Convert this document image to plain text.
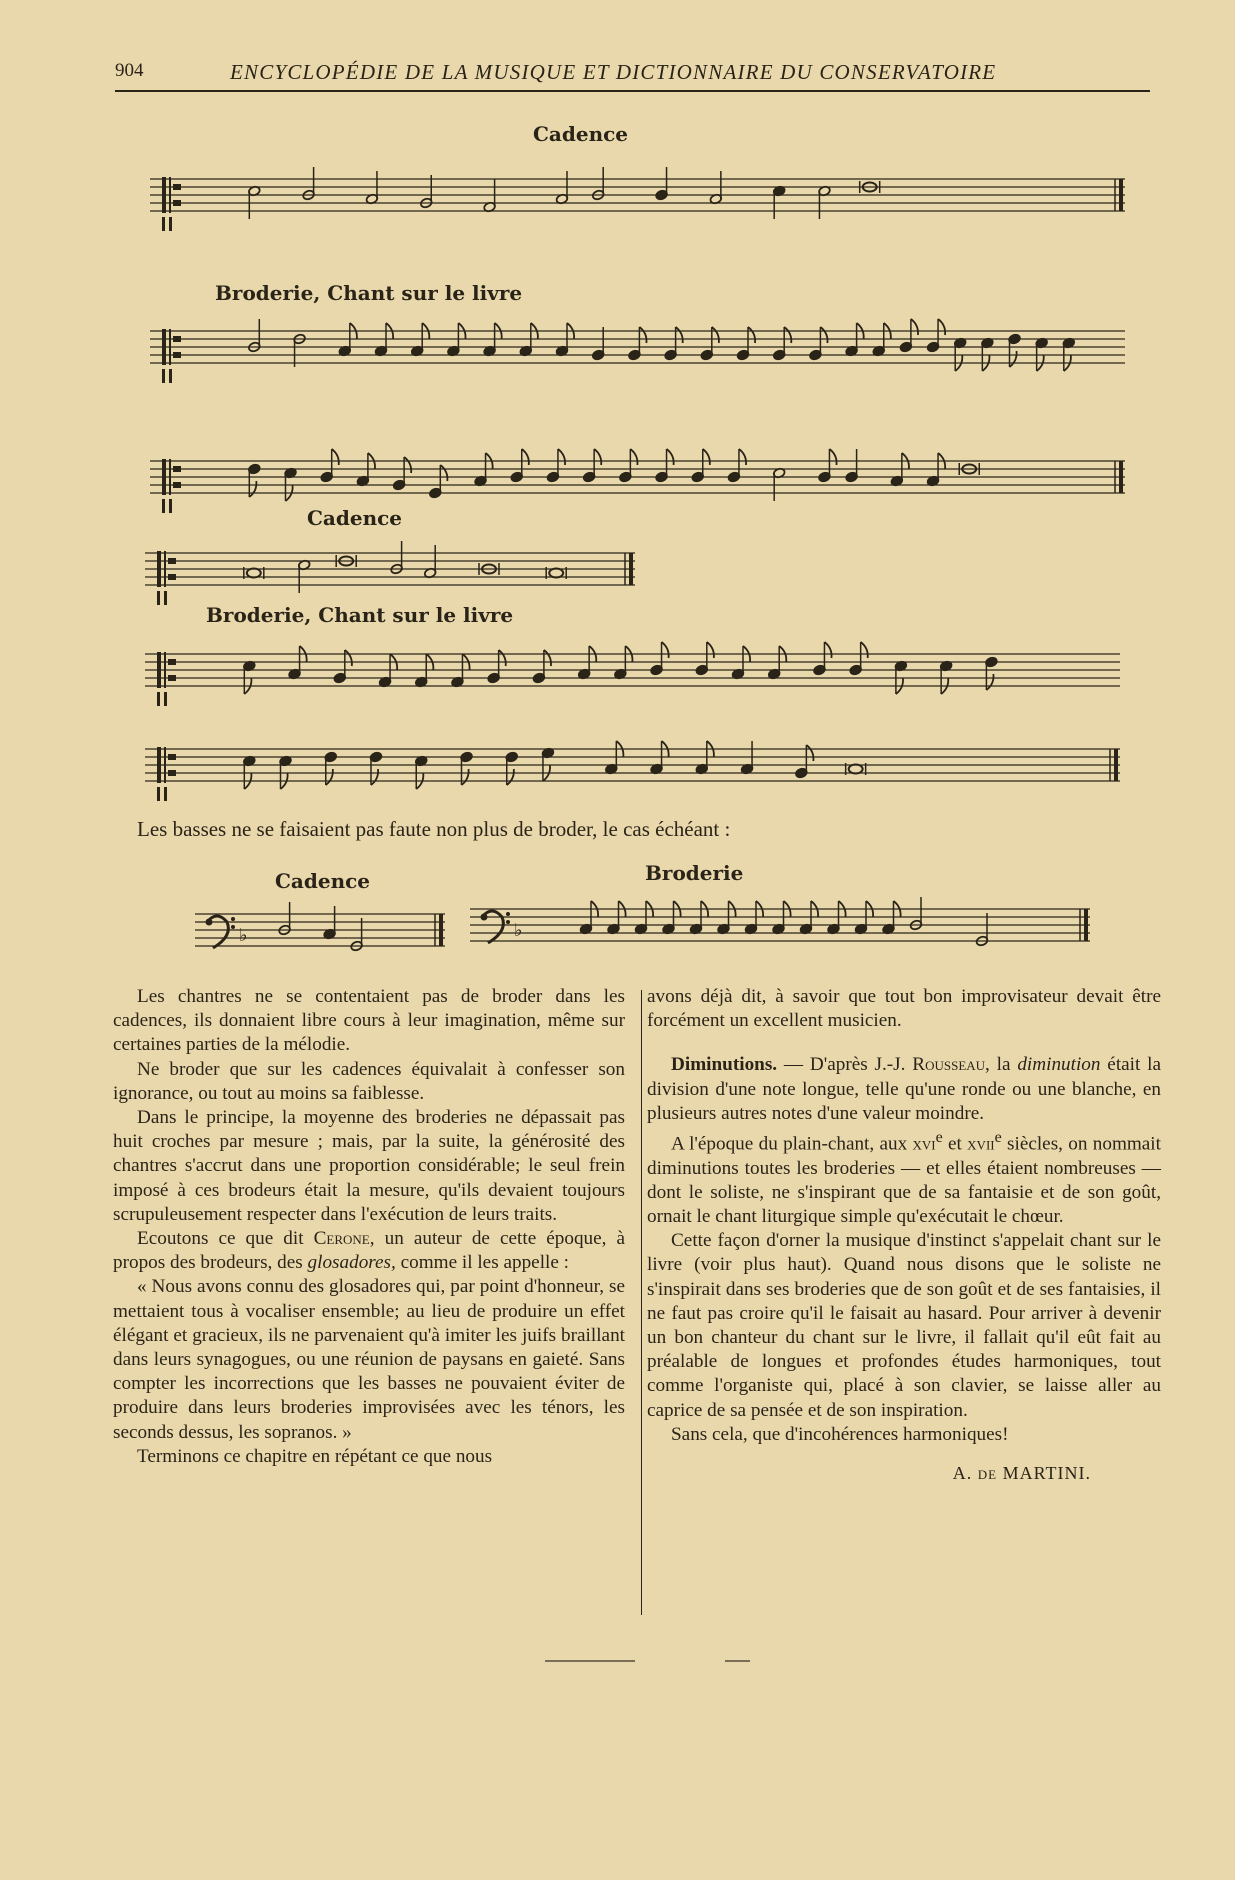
904	ENCYCLOPÉDIE DE LA MUSIQUE ET DICTIONNAIRE DU CONSERVATOIRE
Cadence
Broderie, Chant sur le livre
Cadence
Broderie, Chant sur le livre
Cadence	Broderie
♭	♭
Les basses ne se faisaient pas faute non plus de broder, le cas échéant :

Les chantres ne se contentaient pas de broder dans les cadences, ils donnaient libre cours à leur imagination, même sur certaines parties de la mélodie.

Ne broder que sur les cadences équivalait à confesser son ignorance, ou tout au moins sa faiblesse.

Dans le principe, la moyenne des broderies ne dépassait pas huit croches par mesure ; mais, par la suite, la générosité des chantres s'accrut dans une proportion considérable; le seul frein imposé à ces brodeurs était la mesure, qu'ils devaient toujours scrupuleusement respecter dans l'exécution de leurs traits.

Ecoutons ce que dit Cerone, un auteur de cette époque, à propos des brodeurs, des glosadores, comme il les appelle :

« Nous avons connu des glosadores qui, par point d'honneur, se mettaient tous à vocaliser ensemble; au lieu de produire un effet élégant et gracieux, ils ne parvenaient qu'à imiter les juifs braillant dans leurs synagogues, ou une réunion de paysans en gaieté. Sans compter les incorrections que les basses ne pouvaient éviter de produire dans leurs broderies improvisées avec les ténors, les seconds dessus, les sopranos. »

Terminons ce chapitre en répétant ce que nous

avons déjà dit, à savoir que tout bon improvisateur devait être forcément un excellent musicien.

Diminutions. — D'après J.-J. Rousseau, la diminution était la division d'une note longue, telle qu'une ronde ou une blanche, en plusieurs autres notes d'une valeur moindre.

A l'époque du plain-chant, aux xvi$^e$ et xvii$^e$ siècles, on nommait diminutions toutes les broderies — et elles étaient nombreuses — dont le soliste, ne s'inspirant que de sa fantaisie et de son goût, ornait le chant liturgique simple qu'exécutait le chœur.

Cette façon d'orner la musique d'instinct s'appelait chant sur le livre (voir plus haut). Quand nous disons que le soliste ne s'inspirait dans ses broderies que de son goût et de ses fantaisies, il ne faut pas croire qu'il le faisait au hasard. Pour arriver à devenir un bon chanteur du chant sur le livre, il fallait qu'il eût fait au préalable de longues et profondes études harmoniques, tout comme l'organiste qui, placé à son clavier, se laisse aller au caprice de sa pensée et de son inspiration.

Sans cela, que d'incohérences harmoniques!

A. de MARTINI.
